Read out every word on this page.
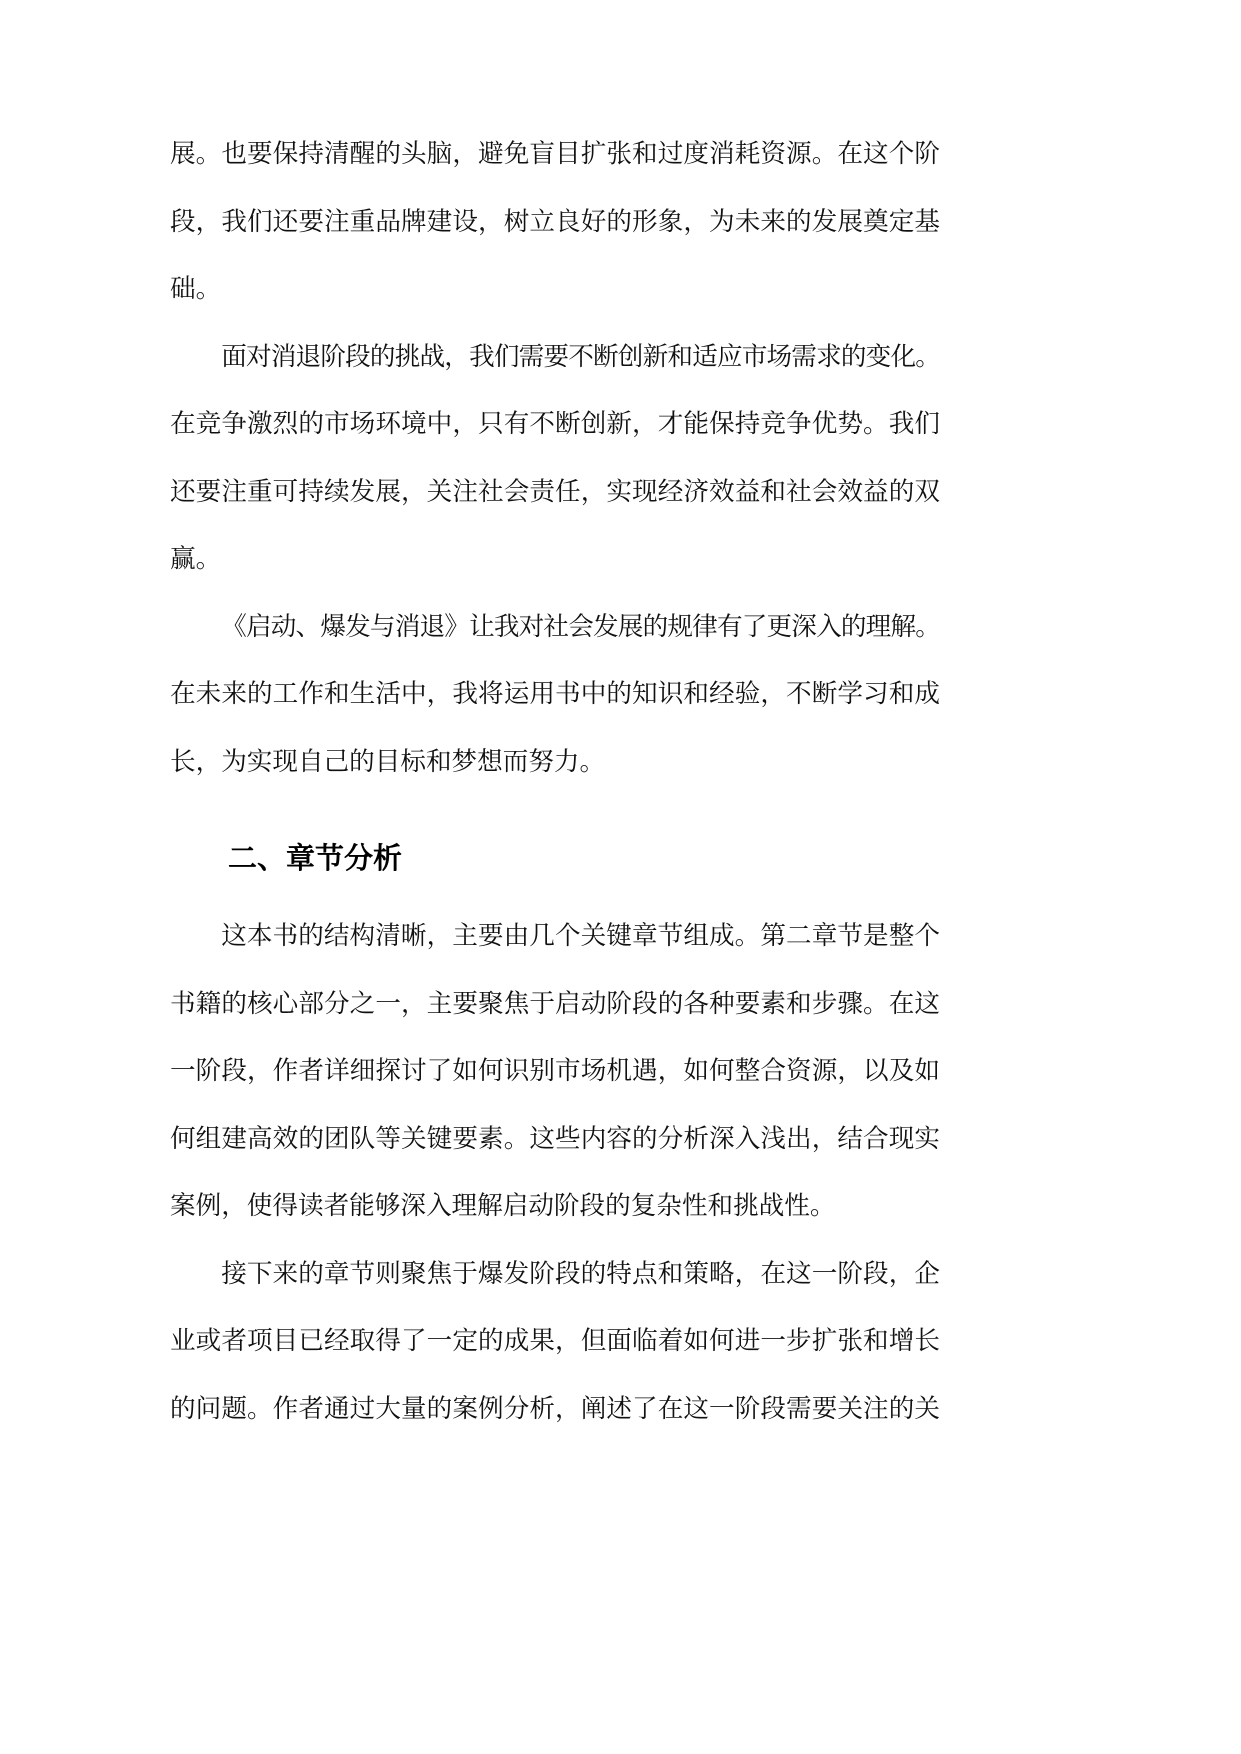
展。也要保持清醒的头脑，避免盲目扩张和过度消耗资源。在这个阶
段，我们还要注重品牌建设，树立良好的形象，为未来的发展奠定基
础。
面对消退阶段的挑战，我们需要不断创新和适应市场需求的变化。
在竞争激烈的市场环境中，只有不断创新，才能保持竞争优势。我们
还要注重可持续发展，关注社会责任，实现经济效益和社会效益的双
赢。
《启动、爆发与消退》让我对社会发展的规律有了更深入的理解。
在未来的工作和生活中，我将运用书中的知识和经验，不断学习和成
长，为实现自己的目标和梦想而努力。
二、章节分析
这本书的结构清晰，主要由几个关键章节组成。第二章节是整个
书籍的核心部分之一，主要聚焦于启动阶段的各种要素和步骤。在这
一阶段，作者详细探讨了如何识别市场机遇，如何整合资源，以及如
何组建高效的团队等关键要素。这些内容的分析深入浅出，结合现实
案例，使得读者能够深入理解启动阶段的复杂性和挑战性。
接下来的章节则聚焦于爆发阶段的特点和策略，在这一阶段，企
业或者项目已经取得了一定的成果，但面临着如何进一步扩张和增长
的问题。作者通过大量的案例分析，阐述了在这一阶段需要关注的关
